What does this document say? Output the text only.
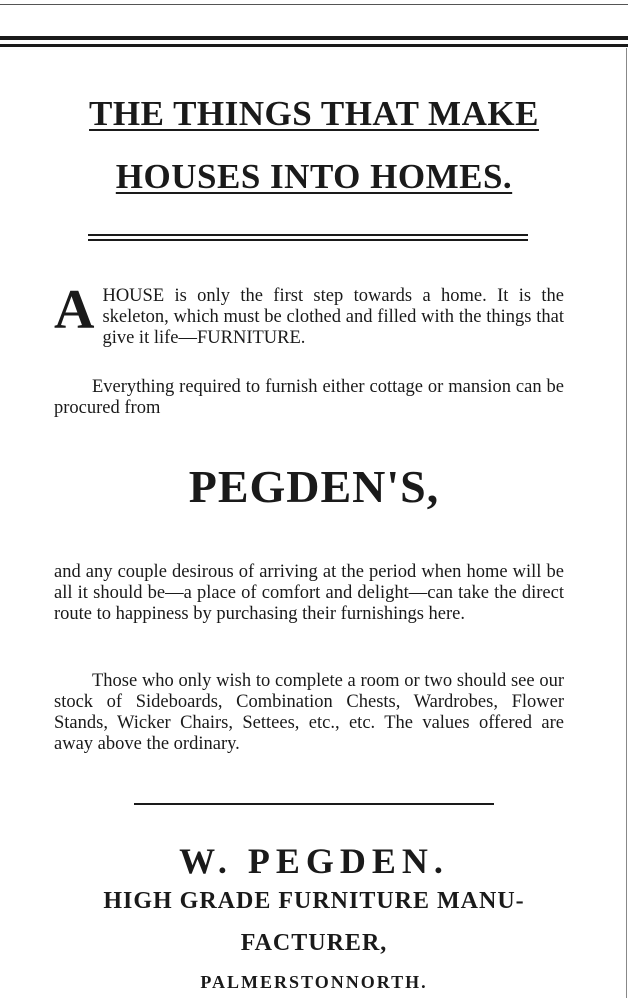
THE THINGS THAT MAKE
HOUSES INTO HOMES.

AHOUSE is only the first step towards a home. It is the skeleton, which must be clothed and filled with the things that give it life—FURNITURE.

Everything required to furnish either cottage or mansion can be procured from

PEGDEN'S,

and any couple desirous of arriving at the period when home will be all it should be—a place of comfort and delight—can take the direct route to happiness by purchasing their furnishings here.

Those who only wish to complete a room or two should see our stock of Sideboards, Combination Chests, Wardrobes, Flower Stands, Wicker Chairs, Settees, etc., etc. The values offered are away above the ordinary.

W. PEGDEN.
HIGH GRADE FURNITURE MANU-
FACTURER,
PALMERSTONNORTH.
